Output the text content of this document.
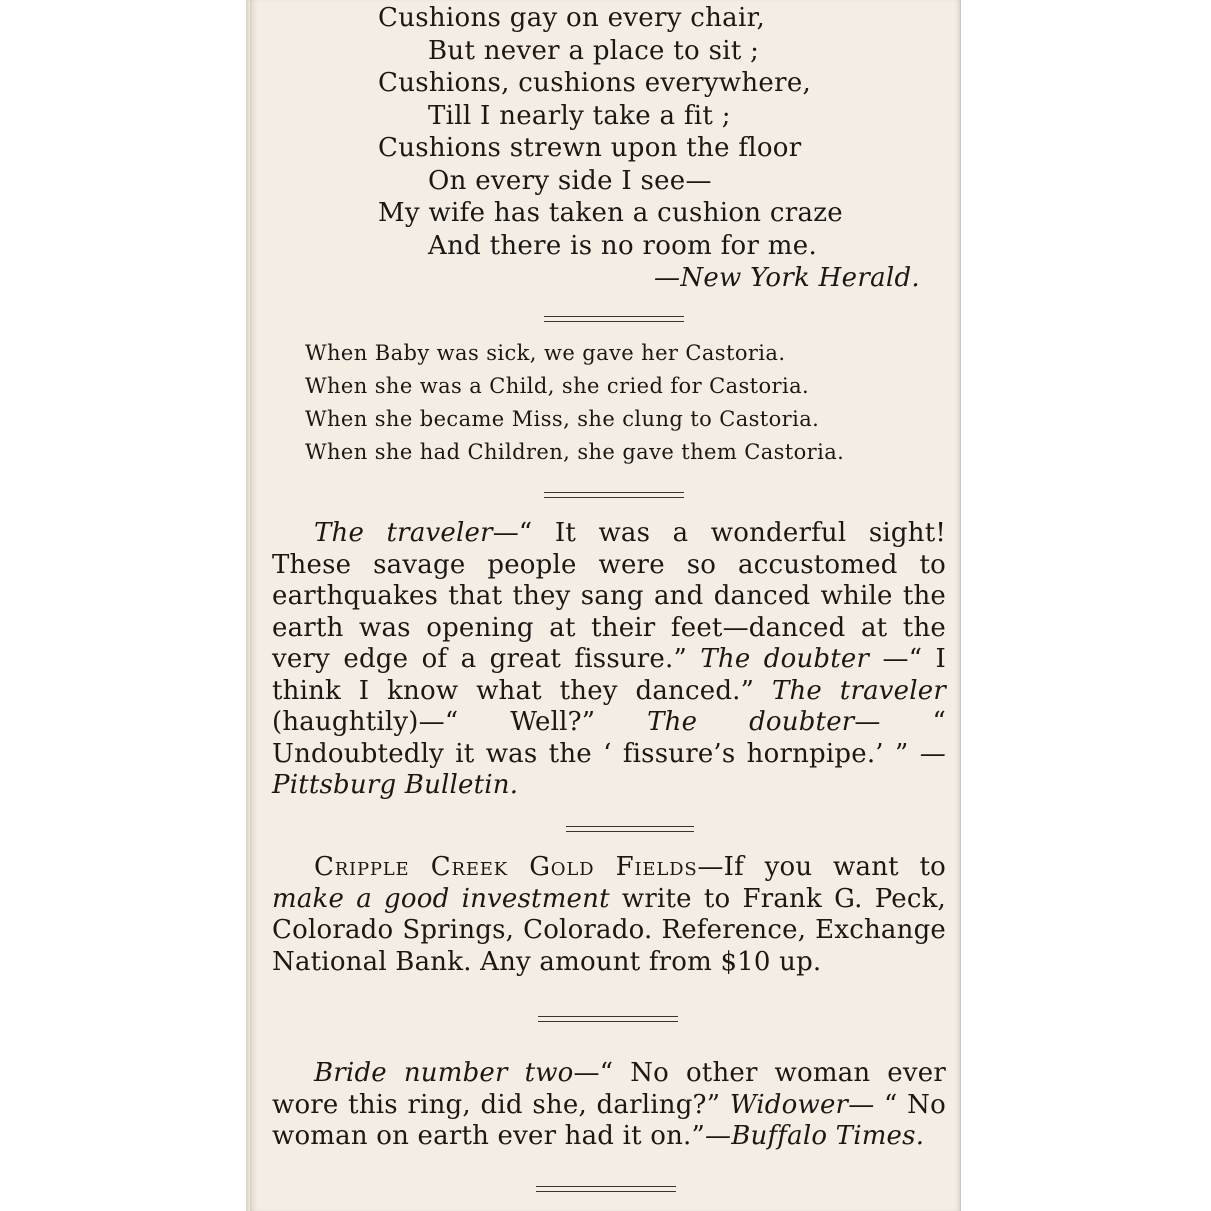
Cushions gay on every chair,
But never a place to sit ;
Cushions, cushions everywhere,
Till I nearly take a fit ;
Cushions strewn upon the floor
On every side I see—
My wife has taken a cushion craze
And there is no room for me.
—New York Herald.
When Baby was sick, we gave her Castoria.
When she was a Child, she cried for Castoria.
When she became Miss, she clung to Castoria.
When she had Children, she gave them Castoria.
The traveler—“ It was a wonderful sight! These savage people were so accustomed to earthquakes that they sang and danced while the earth was opening at their feet—danced at the very edge of a great fissure.” The doubter —“ I think I know what they danced.” The traveler (haughtily)—“ Well?” The doubter— “ Undoubtedly it was the ‘ fissure’s hornpipe.’ ” —Pittsburg Bulletin.
Cripple Creek Gold Fields—If you want to make a good investment write to Frank G. Peck, Colorado Springs, Colorado. Reference, Exchange National Bank. Any amount from $10 up.
Bride number two—“ No other woman ever wore this ring, did she, darling?” Widower— “ No woman on earth ever had it on.”—Buffalo Times.
